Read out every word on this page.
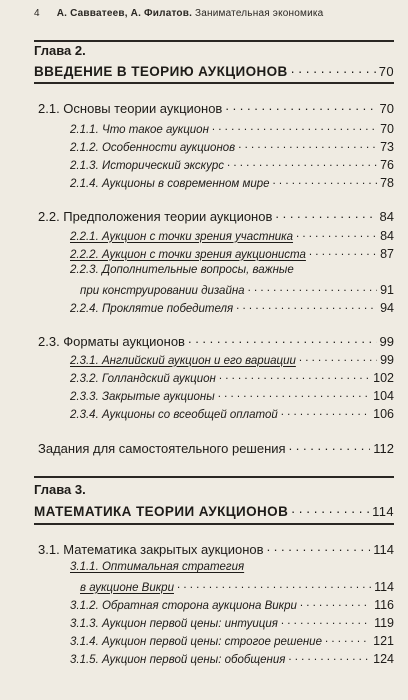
4 А. Савватеев, А. Филатов. Занимательная экономика
Глава 2.
ВВЕДЕНИЕ В ТЕОРИЮ АУКЦИОНОВ . . .	70
2.1. Основы теории аукционов . . .	70
2.1.1. Что такое аукцион . . .	70
2.1.2. Особенности аукционов . . .	73
2.1.3. Исторический экскурс . . .	76
2.1.4. Аукционы в современном мире . . .	78
2.2. Предположения теории аукционов . . .	84
2.2.1. Аукцион с точки зрения участника . . .	84
2.2.2. Аукцион с точки зрения аукциониста . . .	87
2.2.3. Дополнительные вопросы, важные
при конструировании дизайна . . .	91
2.2.4. Проклятие победителя . . .	94
2.3. Форматы аукционов . . .	99
2.3.1. Английский аукцион и его вариации . . .	99
2.3.2. Голландский аукцион . . .	102
2.3.3. Закрытые аукционы . . .	104
2.3.4. Аукционы со всеобщей оплатой . . .	106
Задания для самостоятельного решения . . .	112
Глава 3.
МАТЕМАТИКА ТЕОРИИ АУКЦИОНОВ . . .	114
3.1. Математика закрытых аукционов . . .	114
3.1.1. Оптимальная стратегия
в аукционе Викри . . .	114
3.1.2. Обратная сторона аукциона Викри . . .	116
3.1.3. Аукцион первой цены: интуиция . . .	119
3.1.4. Аукцион первой цены: строгое решение . . .	121
3.1.5. Аукцион первой цены: обобщения . . .	124
